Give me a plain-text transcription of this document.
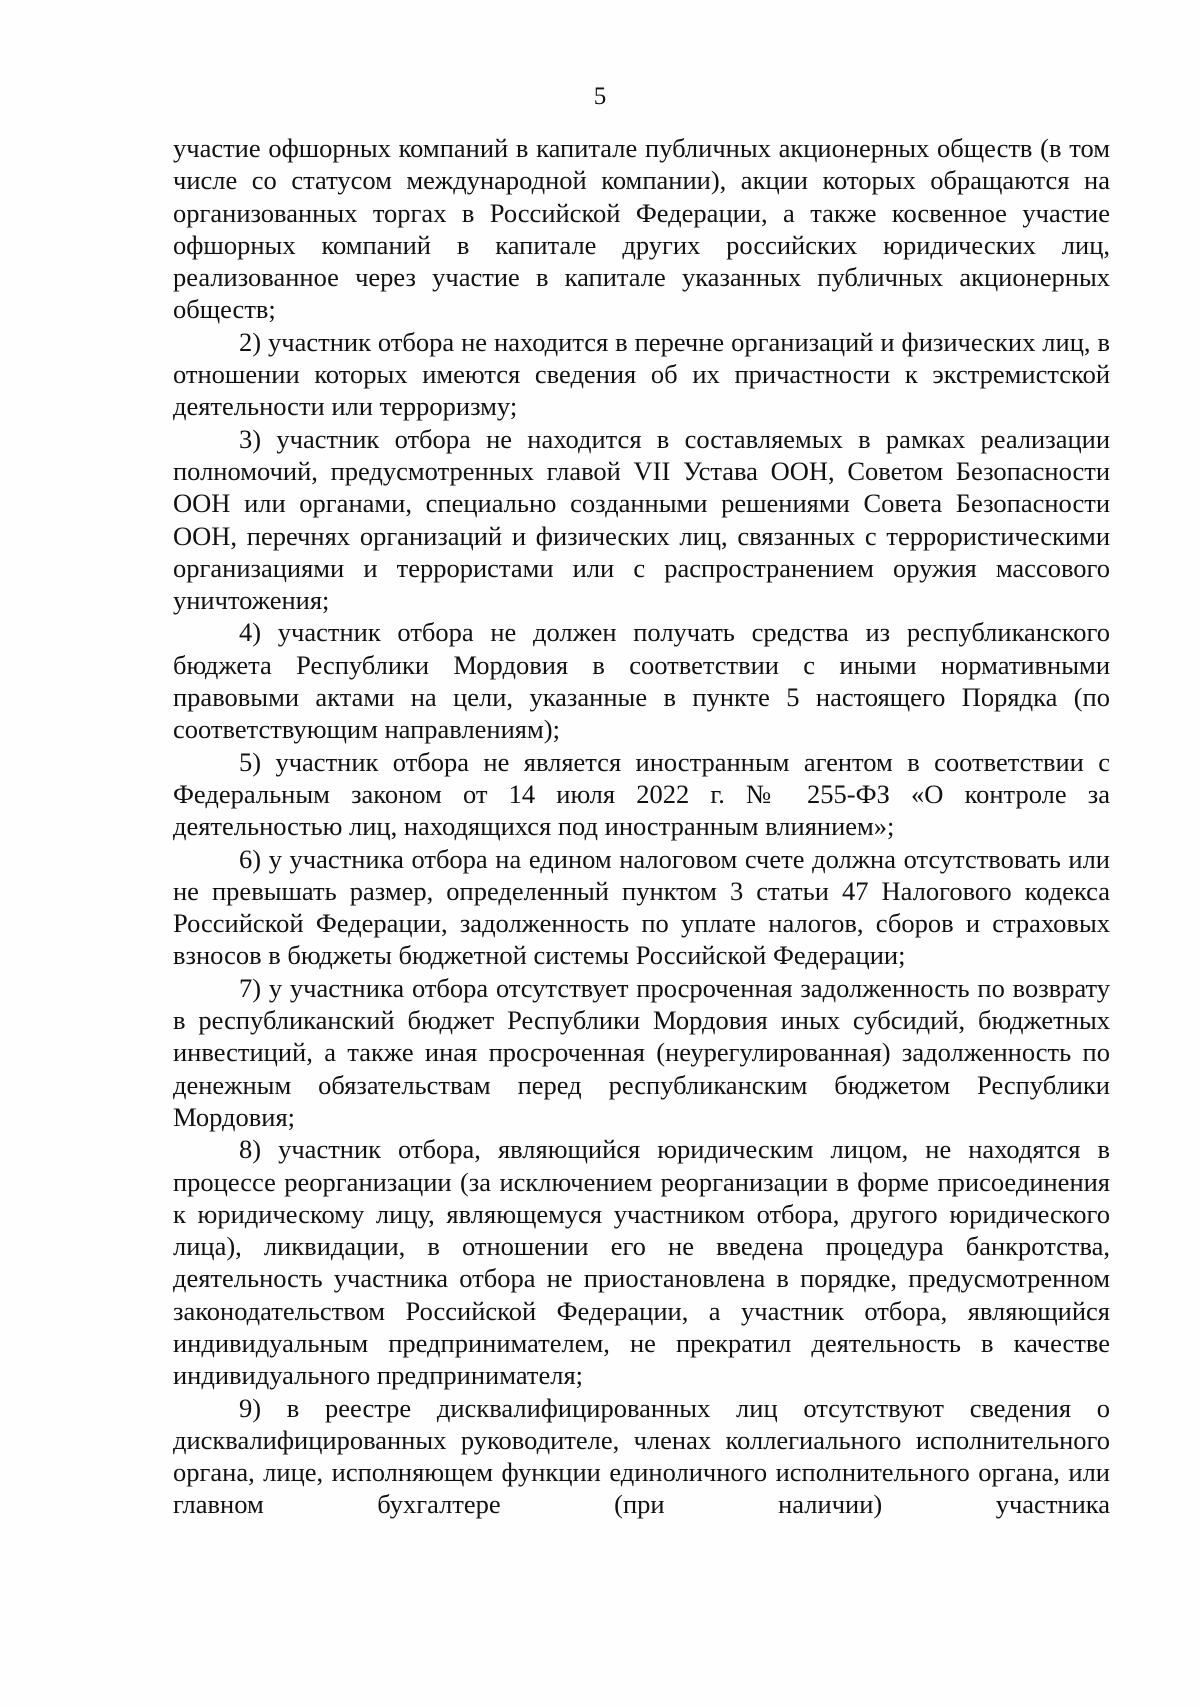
5

участие офшорных компаний в капитале публичных акционерных обществ (в том числе со статусом международной компании), акции которых обращаются на организованных торгах в Российской Федерации, а также косвенное участие офшорных компаний в капитале других российских юридических лиц, реализованное через участие в капитале указанных публичных акционерных обществ;

2) участник отбора не находится в перечне организаций и физических лиц, в отношении которых имеются сведения об их причастности к экстремистской деятельности или терроризму;

3) участник отбора не находится в составляемых в рамках реализации полномочий, предусмотренных главой VII Устава ООН, Советом Безопасности ООН или органами, специально созданными решениями Совета Безопасности ООН, перечнях организаций и физических лиц, связанных с террористическими организациями и террористами или с распространением оружия массового уничтожения;

4) участник отбора не должен получать средства из республиканского бюджета Республики Мордовия в соответствии с иными нормативными правовыми актами на цели, указанные в пункте 5 настоящего Порядка (по соответствующим направлениям);

5) участник отбора не является иностранным агентом в соответствии с Федеральным законом от 14 июля 2022 г. № 255-ФЗ «О контроле за деятельностью лиц, находящихся под иностранным влиянием»;

6) у участника отбора на едином налоговом счете должна отсутствовать или не превышать размер, определенный пунктом 3 статьи 47 Налогового кодекса Российской Федерации, задолженность по уплате налогов, сборов и страховых взносов в бюджеты бюджетной системы Российской Федерации;

7) у участника отбора отсутствует просроченная задолженность по возврату в республиканский бюджет Республики Мордовия иных субсидий, бюджетных инвестиций, а также иная просроченная (неурегулированная) задолженность по денежным обязательствам перед республиканским бюджетом Республики Мордовия;

8) участник отбора, являющийся юридическим лицом, не находятся в процессе реорганизации (за исключением реорганизации в форме присоединения к юридическому лицу, являющемуся участником отбора, другого юридического лица), ликвидации, в отношении его не введена процедура банкротства, деятельность участника отбора не приостановлена в порядке, предусмотренном законодательством Российской Федерации, а участник отбора, являющийся индивидуальным предпринимателем, не прекратил деятельность в качестве индивидуального предпринимателя;

9) в реестре дисквалифицированных лиц отсутствуют сведения о дисквалифицированных руководителе, членах коллегиального исполнительного органа, лице, исполняющем функции единоличного исполнительного органа, или главном бухгалтере (при наличии) участника
